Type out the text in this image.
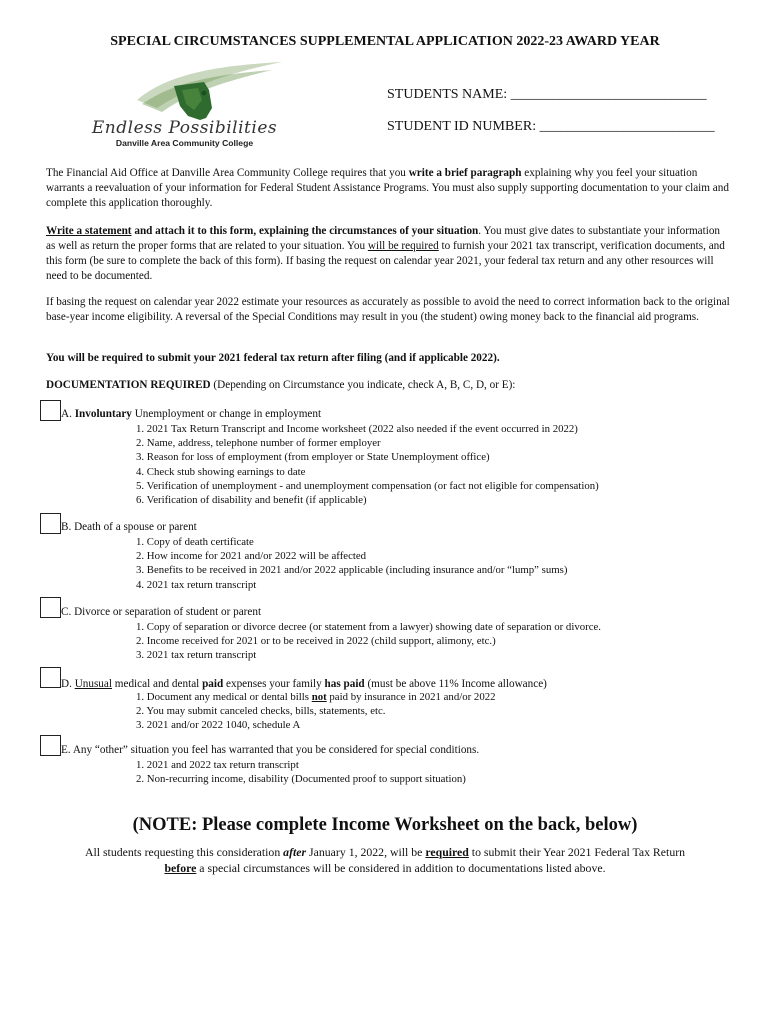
SPECIAL CIRCUMSTANCES SUPPLEMENTAL APPLICATION 2022-23 AWARD YEAR
Endless Possibilities
Danville Area Community College
STUDENTS NAME: ____________________________
STUDENT ID NUMBER: _________________________
The Financial Aid Office at Danville Area Community College requires that you write a brief paragraph explaining why you feel your situation warrants a reevaluation of your information for Federal Student Assistance Programs. You must also supply supporting documentation to your claim and complete this application thoroughly.
Write a statement and attach it to this form, explaining the circumstances of your situation. You must give dates to substantiate your information as well as return the proper forms that are related to your situation. You will be required to furnish your 2021 tax transcript, verification documents, and this form (be sure to complete the back of this form). If basing the request on calendar year 2021, your federal tax return and any other resources will need to be documented.
If basing the request on calendar year 2022 estimate your resources as accurately as possible to avoid the need to correct information back to the original base-year income eligibility. A reversal of the Special Conditions may result in you (the student) owing money back to the financial aid programs.
You will be required to submit your 2021 federal tax return after filing (and if applicable 2022).
DOCUMENTATION REQUIRED (Depending on Circumstance you indicate, check A, B, C, D, or E):
A. Involuntary Unemployment or change in employment
1. 2021 Tax Return Transcript and Income worksheet (2022 also needed if the event occurred in 2022)
2. Name, address, telephone number of former employer
3. Reason for loss of employment (from employer or State Unemployment office)
4. Check stub showing earnings to date
5. Verification of unemployment - and unemployment compensation (or fact not eligible for compensation)
6. Verification of disability and benefit (if applicable)
B. Death of a spouse or parent
1. Copy of death certificate
2. How income for 2021 and/or 2022 will be affected
3. Benefits to be received in 2021 and/or 2022 applicable (including insurance and/or “lump” sums)
4. 2021 tax return transcript
C. Divorce or separation of student or parent
1. Copy of separation or divorce decree (or statement from a lawyer) showing date of separation or divorce.
2. Income received for 2021 or to be received in 2022 (child support, alimony, etc.)
3. 2021 tax return transcript
D. Unusual medical and dental paid expenses your family has paid (must be above 11% Income allowance)
1. Document any medical or dental bills not paid by insurance in 2021 and/or 2022
2. You may submit canceled checks, bills, statements, etc.
3. 2021 and/or 2022 1040, schedule A
E. Any “other” situation you feel has warranted that you be considered for special conditions.
1. 2021 and 2022 tax return transcript
2. Non-recurring income, disability (Documented proof to support situation)
(NOTE: Please complete Income Worksheet on the back, below)
All students requesting this consideration after January 1, 2022, will be required to submit their Year 2021 Federal Tax Return
before a special circumstances will be considered in addition to documentations listed above.
